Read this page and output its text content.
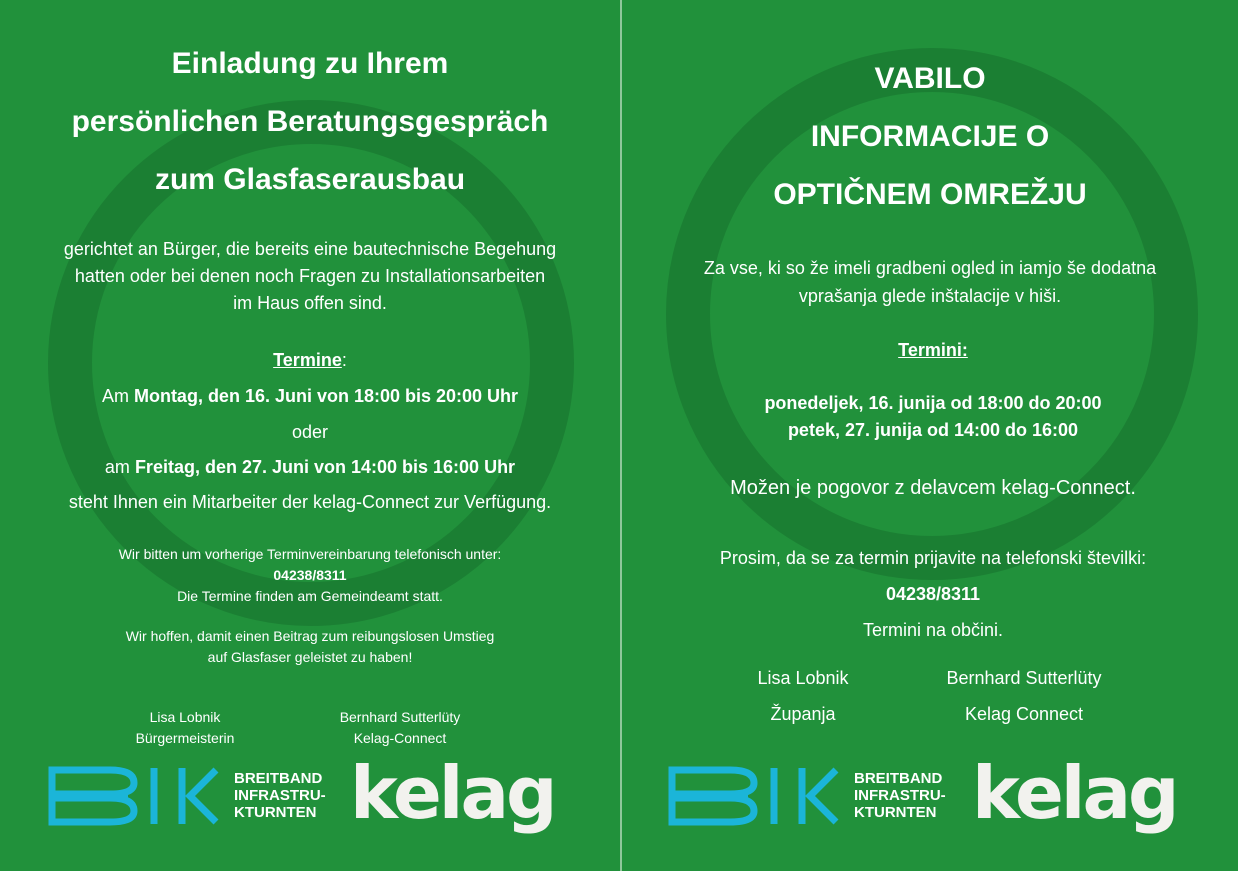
Einladung zu Ihrem
persönlichen Beratungsgespräch
zum Glasfaserausbau
gerichtet an Bürger, die bereits eine bautechnische Begehung
hatten oder bei denen noch Fragen zu Installationsarbeiten
im Haus offen sind.
Termine:
Am Montag, den 16. Juni von 18:00 bis 20:00 Uhr
oder
am Freitag, den 27. Juni von 14:00 bis 16:00 Uhr
steht Ihnen ein Mitarbeiter der kelag-Connect zur Verfügung.
Wir bitten um vorherige Terminvereinbarung telefonisch unter:
04238/8311
Die Termine finden am Gemeindeamt statt.
Wir hoffen, damit einen Beitrag zum reibungslosen Umstieg
auf Glasfaser geleistet zu haben!
Lisa Lobnik
Bürgermeisterin
Bernhard Sutterlüty
Kelag-Connect
BREITBAND
INFRASTRU-
KTURNTEN kelag
VABILO
INFORMACIJE O
OPTIČNEM OMREŽJU
Za vse, ki so že imeli gradbeni ogled in iamjo še dodatna
vprašanja glede inštalacije v hiši.
Termini:
ponedeljek, 16. junija od 18:00 do 20:00
petek, 27. junija od 14:00 do 16:00
Možen je pogovor z delavcem kelag-Connect.
Prosim, da se za termin prijavite na telefonski številki:
04238/8311
Termini na občini.
Lisa Lobnik
Županja
Bernhard Sutterlüty
Kelag Connect
BREITBAND
INFRASTRU-
KTURNTEN kelag
